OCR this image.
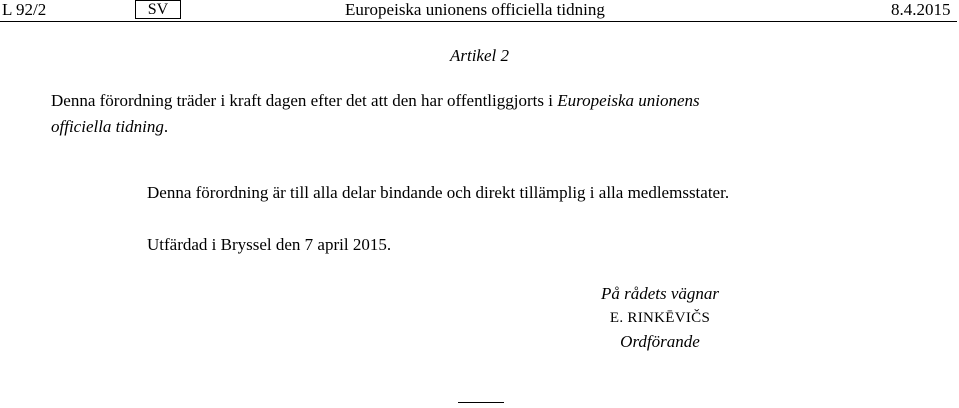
L 92/2	SV	Europeiska unionens officiella tidning	8.4.2015
Artikel 2
Denna förordning träder i kraft dagen efter det att den har offentliggjorts i Europeiska unionens
officiella tidning.
Denna förordning är till alla delar bindande och direkt tillämplig i alla medlemsstater.
Utfärdad i Bryssel den 7 april 2015.
På rådets vägnar
E. RINKĒVIČS
Ordförande
